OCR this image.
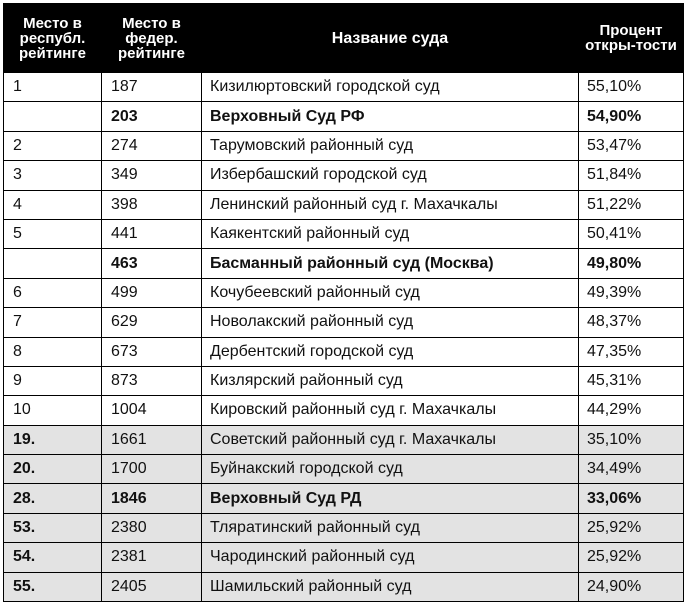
Место в республ. рейтинге	Место в федер. рейтинге	Название суда	Процент откры-тости
1	187	Кизилюртовский городской суд	55,10%
	203	Верховный Суд РФ	54,90%
2	274	Тарумовский районный суд	53,47%
3	349	Избербашский городской суд	51,84%
4	398	Ленинский районный суд г. Махачкалы	51,22%
5	441	Каякентский районный суд	50,41%
	463	Басманный районный суд (Москва)	49,80%
6	499	Кочубеевский районный суд	49,39%
7	629	Новолакский районный суд	48,37%
8	673	Дербентский городской суд	47,35%
9	873	Кизлярский районный суд	45,31%
10	1004	Кировский районный суд г. Махачкалы	44,29%
19.	1661	Советский районный суд г. Махачкалы	35,10%
20.	1700	Буйнакский городской суд	34,49%
28.	1846	Верховный Суд РД	33,06%
53.	2380	Тляратинский районный суд	25,92%
54.	2381	Чародинский районный суд	25,92%
55.	2405	Шамильский районный суд	24,90%
